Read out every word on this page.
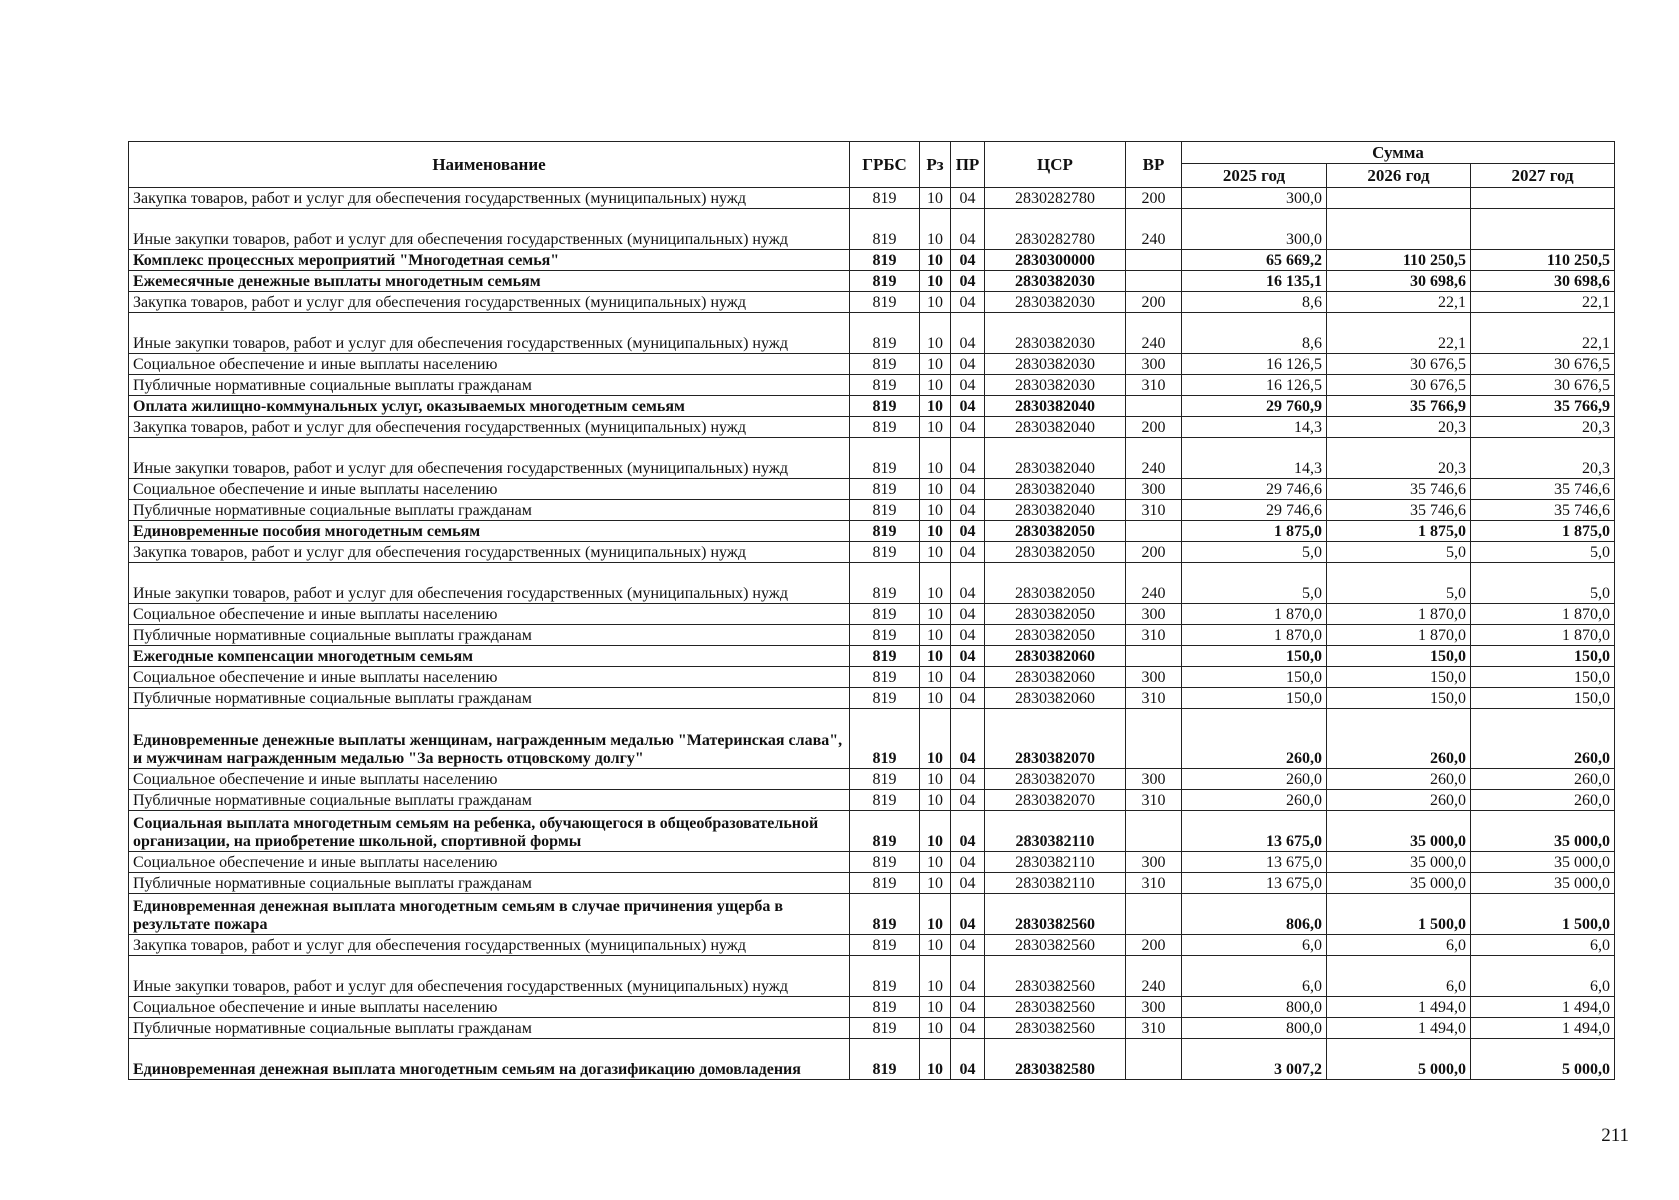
Наименование	ГРБС	Рз	ПР	ЦСР	ВР	Сумма		
						2025 год	2026 год	2027 год
Закупка товаров, работ и услуг для обеспечения государственных (муниципальных) нужд	819	10	04	2830282780	200	300,0		
Иные закупки товаров, работ и услуг для обеспечения государственных (муниципальных) нужд	819	10	04	2830282780	240	300,0		
Комплекс процессных мероприятий "Многодетная семья"	819	10	04	2830300000		65 669,2	110 250,5	110 250,5
Ежемесячные денежные выплаты многодетным семьям	819	10	04	2830382030		16 135,1	30 698,6	30 698,6
Закупка товаров, работ и услуг для обеспечения государственных (муниципальных) нужд	819	10	04	2830382030	200	8,6	22,1	22,1
Иные закупки товаров, работ и услуг для обеспечения государственных (муниципальных) нужд	819	10	04	2830382030	240	8,6	22,1	22,1
Социальное обеспечение и иные выплаты населению	819	10	04	2830382030	300	16 126,5	30 676,5	30 676,5
Публичные нормативные социальные выплаты гражданам	819	10	04	2830382030	310	16 126,5	30 676,5	30 676,5
Оплата жилищно-коммунальных услуг, оказываемых многодетным семьям	819	10	04	2830382040		29 760,9	35 766,9	35 766,9
Закупка товаров, работ и услуг для обеспечения государственных (муниципальных) нужд	819	10	04	2830382040	200	14,3	20,3	20,3
Иные закупки товаров, работ и услуг для обеспечения государственных (муниципальных) нужд	819	10	04	2830382040	240	14,3	20,3	20,3
Социальное обеспечение и иные выплаты населению	819	10	04	2830382040	300	29 746,6	35 746,6	35 746,6
Публичные нормативные социальные выплаты гражданам	819	10	04	2830382040	310	29 746,6	35 746,6	35 746,6
Единовременные пособия многодетным семьям	819	10	04	2830382050		1 875,0	1 875,0	1 875,0
Закупка товаров, работ и услуг для обеспечения государственных (муниципальных) нужд	819	10	04	2830382050	200	5,0	5,0	5,0
Иные закупки товаров, работ и услуг для обеспечения государственных (муниципальных) нужд	819	10	04	2830382050	240	5,0	5,0	5,0
Социальное обеспечение и иные выплаты населению	819	10	04	2830382050	300	1 870,0	1 870,0	1 870,0
Публичные нормативные социальные выплаты гражданам	819	10	04	2830382050	310	1 870,0	1 870,0	1 870,0
Ежегодные компенсации многодетным семьям	819	10	04	2830382060		150,0	150,0	150,0
Социальное обеспечение и иные выплаты населению	819	10	04	2830382060	300	150,0	150,0	150,0
Публичные нормативные социальные выплаты гражданам	819	10	04	2830382060	310	150,0	150,0	150,0
Единовременные денежные выплаты женщинам, награжденным медалью "Материнская слава", и мужчинам награжденным медалью "За верность отцовскому долгу"	819	10	04	2830382070		260,0	260,0	260,0
Социальное обеспечение и иные выплаты населению	819	10	04	2830382070	300	260,0	260,0	260,0
Публичные нормативные социальные выплаты гражданам	819	10	04	2830382070	310	260,0	260,0	260,0
Социальная выплата многодетным семьям на ребенка, обучающегося в общеобразовательной организации, на приобретение школьной, спортивной формы	819	10	04	2830382110		13 675,0	35 000,0	35 000,0
Социальное обеспечение и иные выплаты населению	819	10	04	2830382110	300	13 675,0	35 000,0	35 000,0
Публичные нормативные социальные выплаты гражданам	819	10	04	2830382110	310	13 675,0	35 000,0	35 000,0
Единовременная денежная выплата многодетным семьям в случае причинения ущерба в результате пожара	819	10	04	2830382560		806,0	1 500,0	1 500,0
Закупка товаров, работ и услуг для обеспечения государственных (муниципальных) нужд	819	10	04	2830382560	200	6,0	6,0	6,0
Иные закупки товаров, работ и услуг для обеспечения государственных (муниципальных) нужд	819	10	04	2830382560	240	6,0	6,0	6,0
Социальное обеспечение и иные выплаты населению	819	10	04	2830382560	300	800,0	1 494,0	1 494,0
Публичные нормативные социальные выплаты гражданам	819	10	04	2830382560	310	800,0	1 494,0	1 494,0
Единовременная денежная выплата многодетным семьям на догазификацию домовладения	819	10	04	2830382580		3 007,2	5 000,0	5 000,0
211
